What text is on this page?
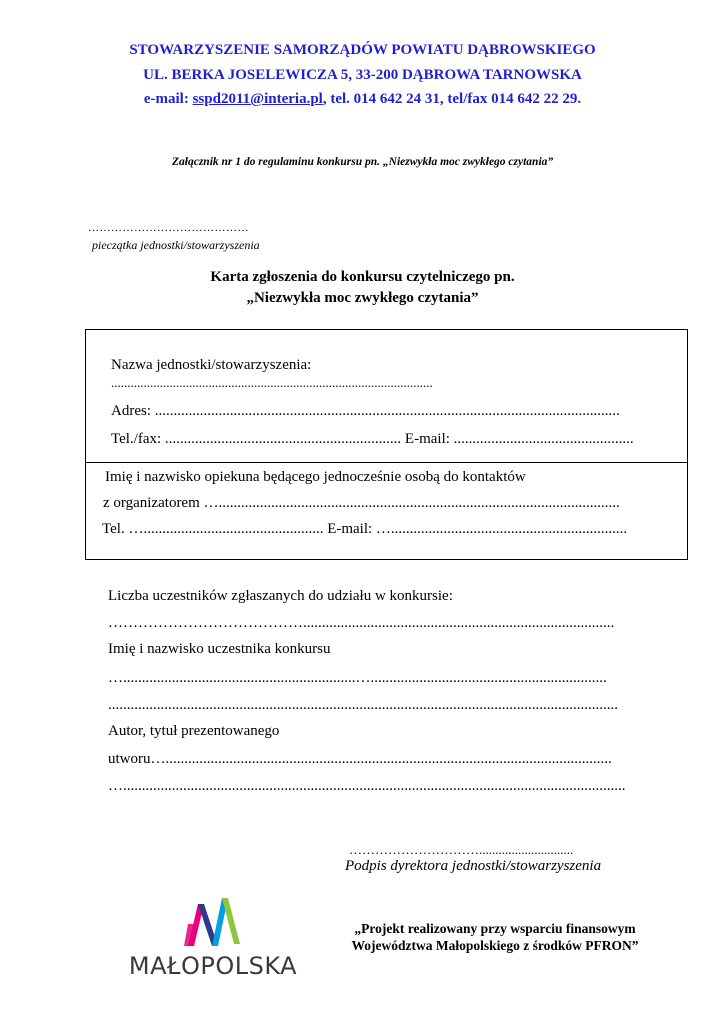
STOWARZYSZENIE SAMORZĄDÓW POWIATU DĄBROWSKIEGO
UL. BERKA JOSELEWICZA 5, 33-200 DĄBROWA TARNOWSKA
e-mail: sspd2011@interia.pl, tel. 014 642 24 31, tel/fax 014 642 22 29.
Załącznik nr 1 do regulaminu konkursu pn. „Niezwykła moc zwykłego czytania”
……………………………………
pieczątka jednostki/stowarzyszenia
Karta zgłoszenia do konkursu czytelniczego pn.
„Niezwykła moc zwykłego czytania”
Nazwa jednostki/stowarzyszenia:
...................................................................................................
Adres: ............................................................................................................................
Tel./fax: ............................................................... E-mail: ................................................
Imię i nazwisko opiekuna będącego jednocześnie osobą do kontaktów
z organizatorem …...........................................................................................................
Tel. …................................................ E-mail: …...............................................................
Liczba uczestników zgłaszanych do udziału w konkursie:
…………………………………...................................................................................
Imię i nazwisko uczestnika konkursu
…..............................................................…...............................................................
........................................................................................................................................
Autor, tytuł prezentowanego
utworu….......................................................................................................................
…......................................................................................................................................
………………………….............................
Podpis dyrektora jednostki/stowarzyszenia
MAŁOPOLSKA
„Projekt realizowany przy wsparciu finansowym
Województwa Małopolskiego z środków PFRON”
